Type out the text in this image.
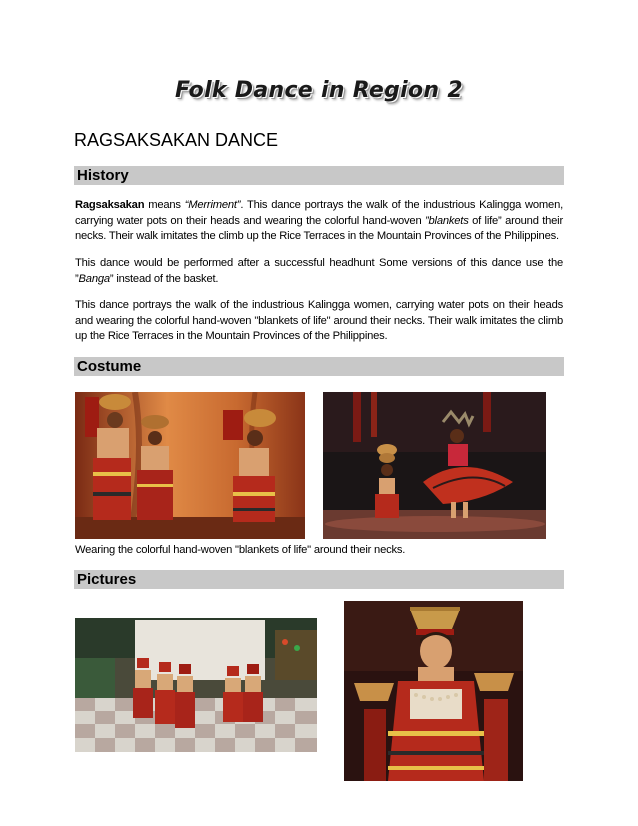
Folk Dance in Region 2
RAGSAKSAKAN DANCE
History
Ragsaksakan means “Merriment”. This dance portrays the walk of the industrious Kalingga women, carrying water pots on their heads and wearing the colorful hand-woven ”blankets of life” around their necks. Their walk imitates the climb up the Rice Terraces in the Mountain Provinces of the Philippines.
This dance would be performed after a successful headhunt Some versions of this dance use the ”Banga” instead of the basket.
This dance portrays the walk of the industrious Kalingga women, carrying water pots on their heads and wearing the colorful hand-woven "blankets of life" around their necks. Their walk imitates the climb up the Rice Terraces in the Mountain Provinces of the Philippines.
Costume
Wearing the colorful hand-woven "blankets of life" around their necks.
Pictures
